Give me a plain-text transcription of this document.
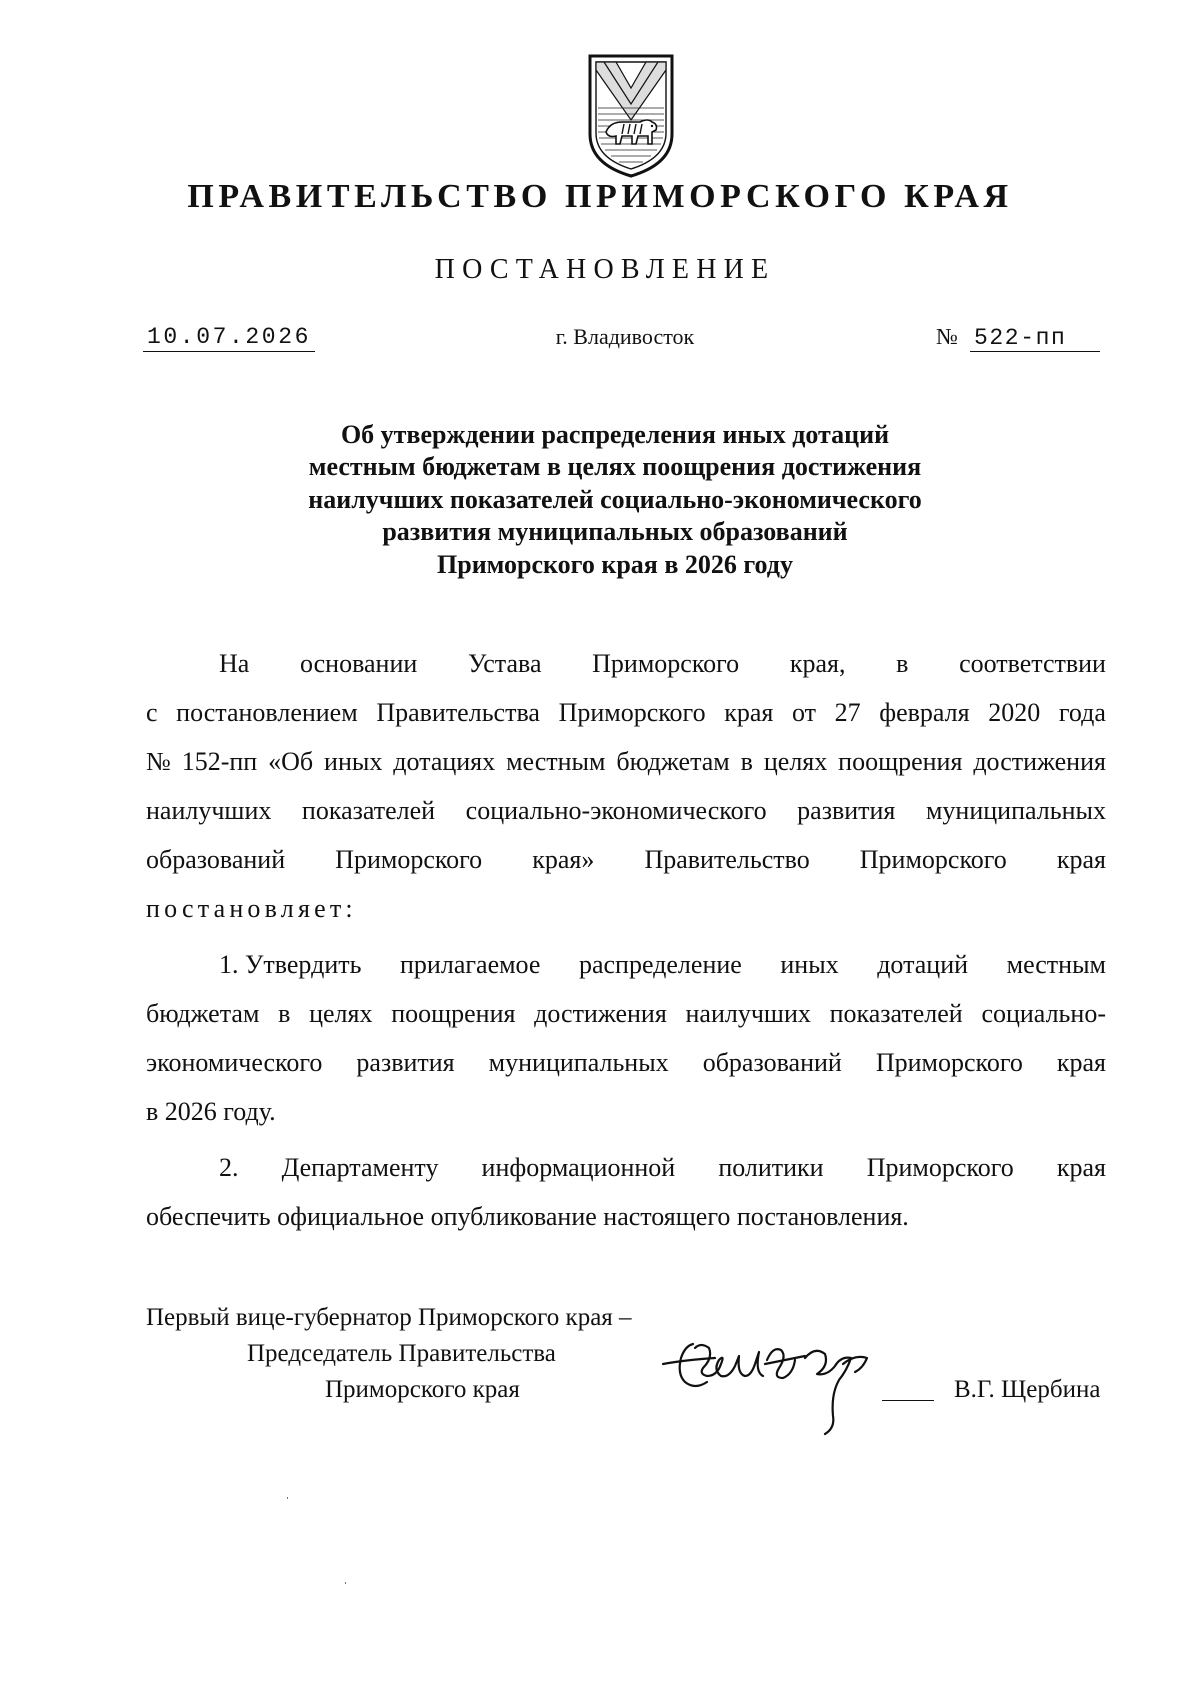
ПРАВИТЕЛЬСТВО ПРИМОРСКОГО КРАЯ
ПОСТАНОВЛЕНИЕ
10.07.2026	г. Владивосток	№ 522-пп
Об утверждении распределения иных дотаций
местным бюджетам в целях поощрения достижения
наилучших показателей социально-экономического
развития муниципальных образований
Приморского края в 2026 году
На основании Устава Приморского края, в соответствии
с постановлением Правительства Приморского края от 27 февраля 2020 года
№ 152-пп «Об иных дотациях местным бюджетам в целях поощрения достижения
наилучших показателей социально-экономического развития муниципальных
образований Приморского края» Правительство Приморского края
постановляет:
1. Утвердить прилагаемое распределение иных дотаций местным
бюджетам в целях поощрения достижения наилучших показателей социально-
экономического развития муниципальных образований Приморского края
в 2026 году.
2. Департаменту информационной политики Приморского края
обеспечить официальное опубликование настоящего постановления.
Первый вице-губернатор Приморского края –
Председатель Правительства
Приморского края	В.Г. Щербина
